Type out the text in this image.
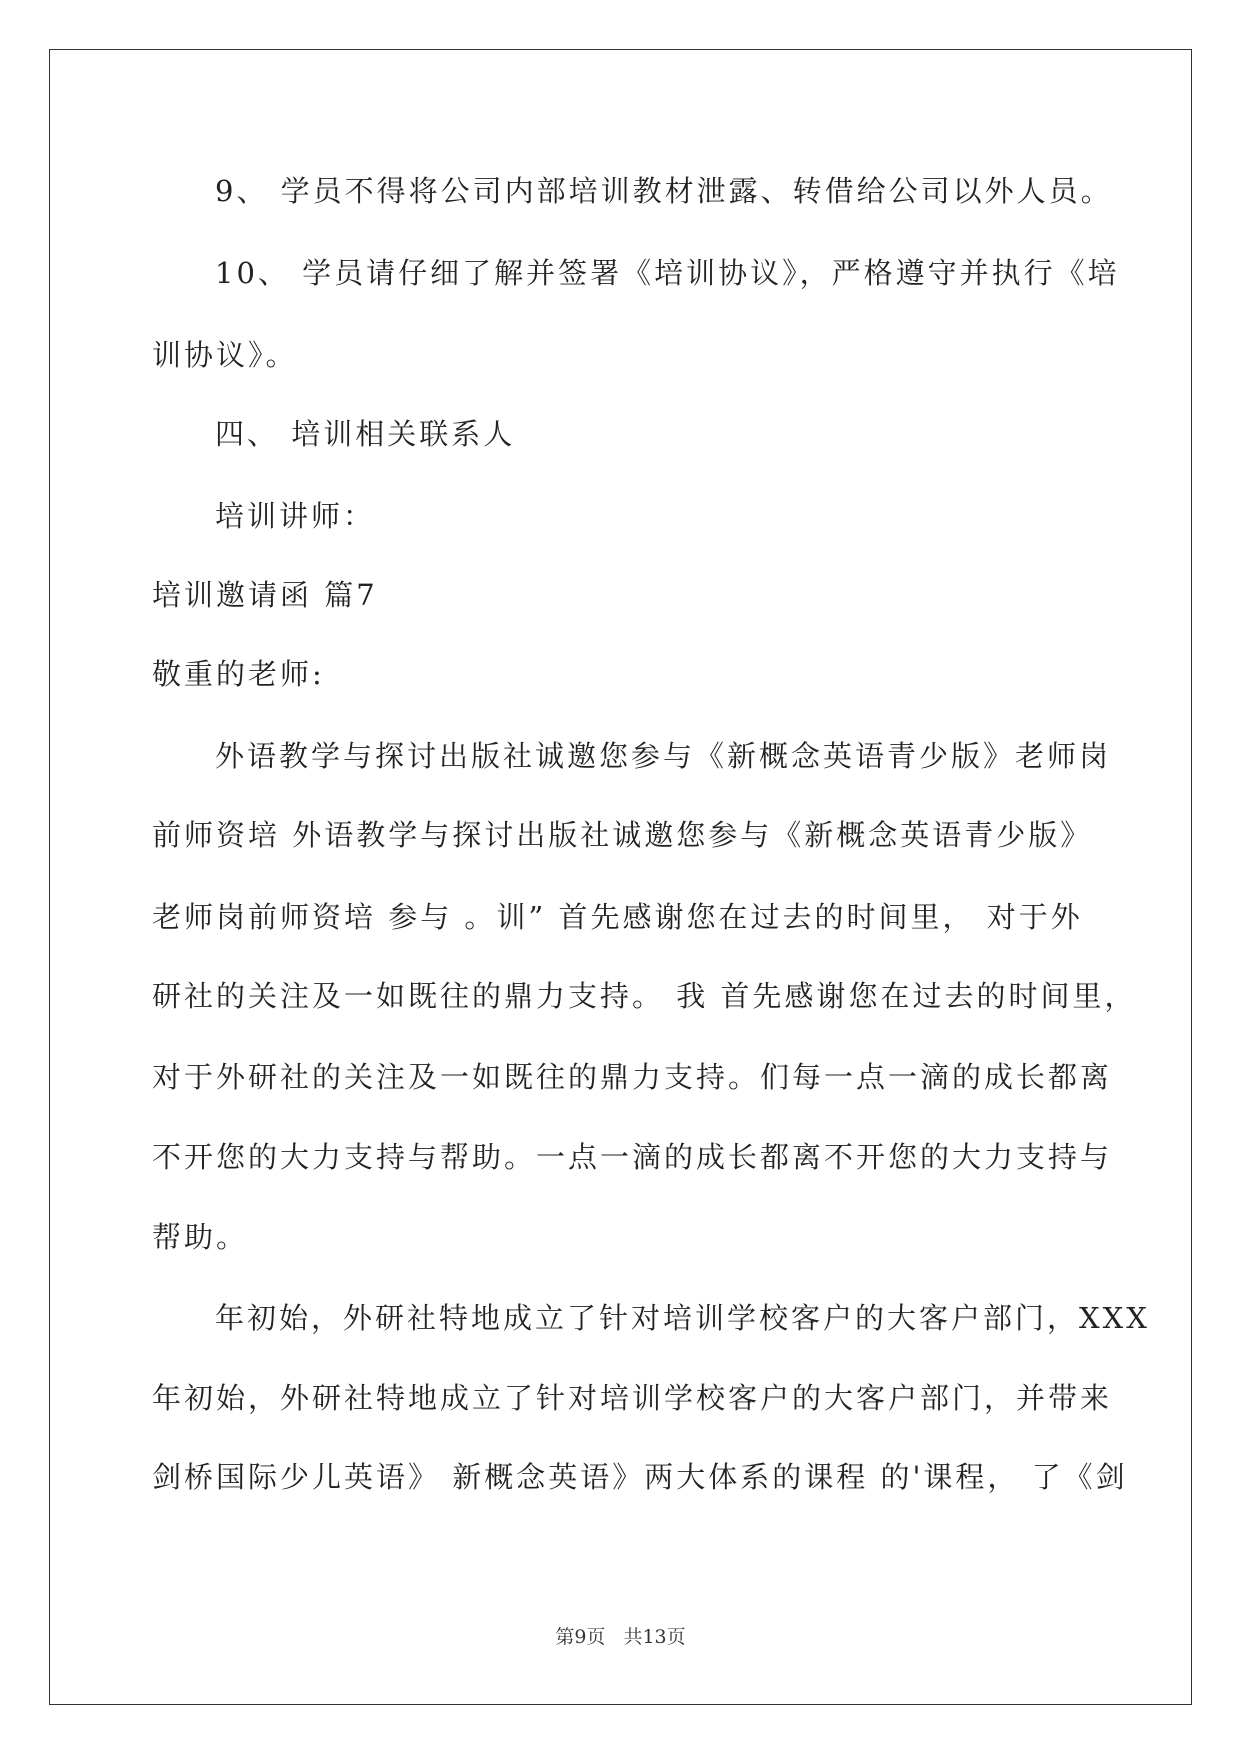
9、 学员不得将公司内部培训教材泄露、转借给公司以外人员。
10、 学员请仔细了解并签署《培训协议》，严格遵守并执行《培
训协议》。
四、 培训相关联系人
培训讲师：
培训邀请函 篇7
敬重的老师:
外语教学与探讨出版社诚邀您参与《新概念英语青少版》老师岗
前师资培 外语教学与探讨出版社诚邀您参与《新概念英语青少版》
老师岗前师资培 参与 。训” 首先感谢您在过去的时间里， 对于外
研社的关注及一如既往的鼎力支持。 我 首先感谢您在过去的时间里，
对于外研社的关注及一如既往的鼎力支持。们每一点一滴的成长都离
不开您的大力支持与帮助。一点一滴的成长都离不开您的大力支持与
帮助。
年初始，外研社特地成立了针对培训学校客户的大客户部门，XXX
年初始，外研社特地成立了针对培训学校客户的大客户部门，并带来
剑桥国际少儿英语》 新概念英语》两大体系的课程 的'课程， 了《剑
第9页 共13页
